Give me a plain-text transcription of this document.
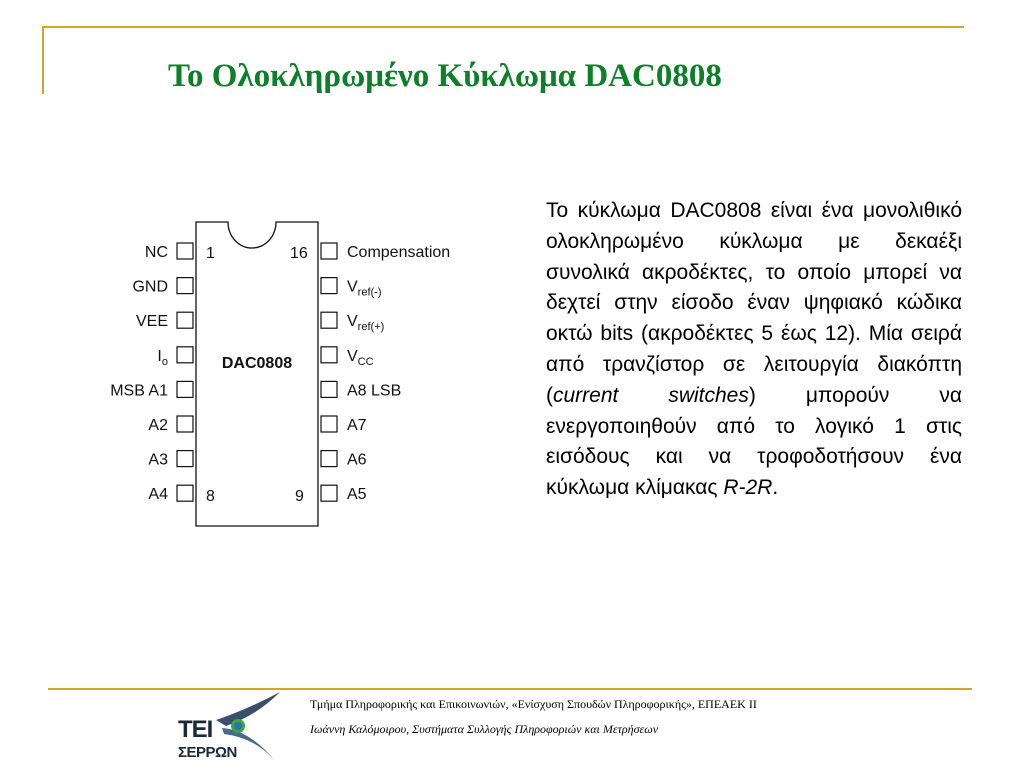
Το Ολοκληρωμένο Κύκλωμα DAC0808
DAC0808
1	16
8	9
NC
GND
VEE
$I_o$
MSB A1
A2
A3
A4
Compensation
$V_{ref(-)}$
$V_{ref(+)}$
$V_{CC}$
A8 LSB
A7
A6
A5
Το κύκλωμα DAC0808 είναι ένα μονολιθικό ολοκληρωμένο κύκλωμα με δεκαέξι συνολικά ακροδέκτες, το οποίο μπορεί να δεχτεί στην είσοδο έναν ψηφιακό κώδικα οκτώ bits (ακροδέκτες 5 έως 12). Μία σειρά από τρανζίστορ σε λειτουργία διακόπτη (current switches) μπορούν να ενεργοποιηθούν από το λογικό 1 στις εισόδους και να τροφοδοτήσουν ένα κύκλωμα κλίμακας R-2R.
ΤΕΙ
ΣΕΡΡΩΝ
Τμήμα Πληροφορικής και Επικοινωνιών, «Ενίσχυση Σπουδών Πληροφορικής», ΕΠΕΑΕΚ ΙΙ
Ιωάννη Καλόμοιρου, Συστήματα Συλλογής Πληροφοριών και Μετρήσεων
